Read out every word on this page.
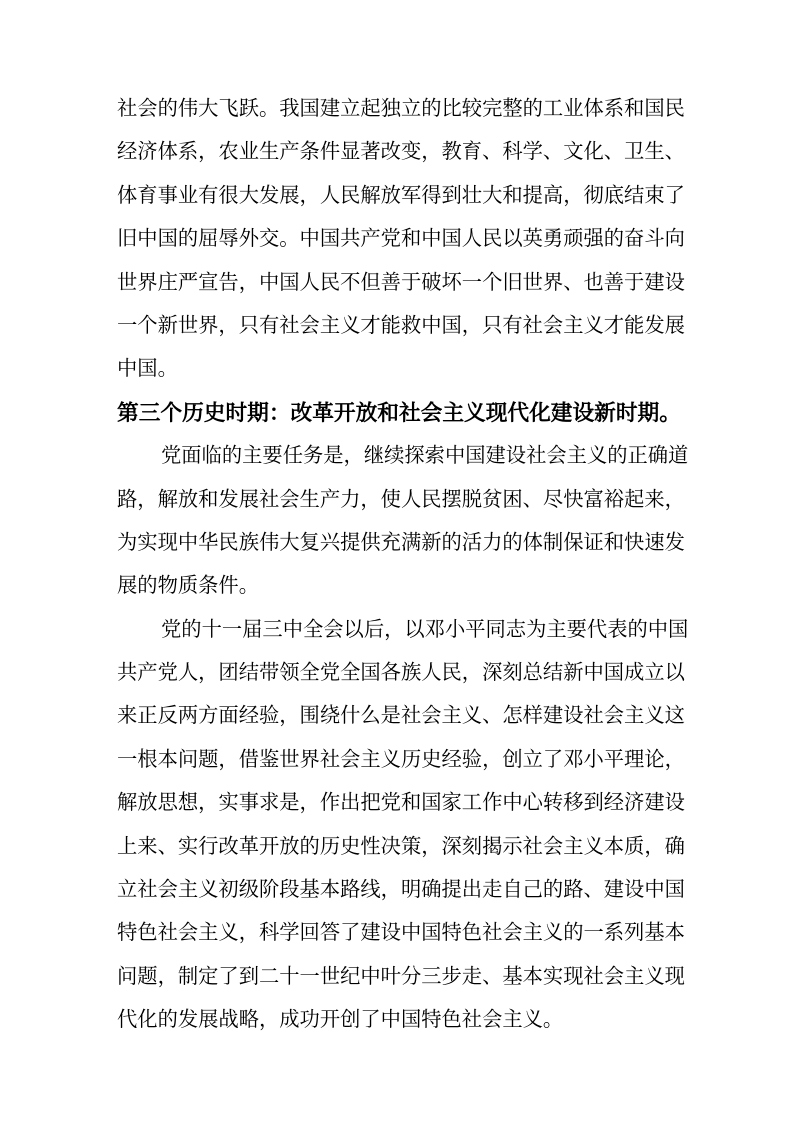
社会的伟大飞跃。我国建立起独立的比较完整的工业体系和国民
经济体系，农业生产条件显著改变，教育、科学、文化、卫生、
体育事业有很大发展，人民解放军得到壮大和提高，彻底结束了
旧中国的屈辱外交。中国共产党和中国人民以英勇顽强的奋斗向
世界庄严宣告，中国人民不但善于破坏一个旧世界、也善于建设
一个新世界，只有社会主义才能救中国，只有社会主义才能发展
中国。
第三个历史时期：改革开放和社会主义现代化建设新时期。
党面临的主要任务是，继续探索中国建设社会主义的正确道
路，解放和发展社会生产力，使人民摆脱贫困、尽快富裕起来，
为实现中华民族伟大复兴提供充满新的活力的体制保证和快速发
展的物质条件。
党的十一届三中全会以后，以邓小平同志为主要代表的中国
共产党人，团结带领全党全国各族人民，深刻总结新中国成立以
来正反两方面经验，围绕什么是社会主义、怎样建设社会主义这
一根本问题，借鉴世界社会主义历史经验，创立了邓小平理论，
解放思想，实事求是，作出把党和国家工作中心转移到经济建设
上来、实行改革开放的历史性决策，深刻揭示社会主义本质，确
立社会主义初级阶段基本路线，明确提出走自己的路、建设中国
特色社会主义，科学回答了建设中国特色社会主义的一系列基本
问题，制定了到二十一世纪中叶分三步走、基本实现社会主义现
代化的发展战略，成功开创了中国特色社会主义。
